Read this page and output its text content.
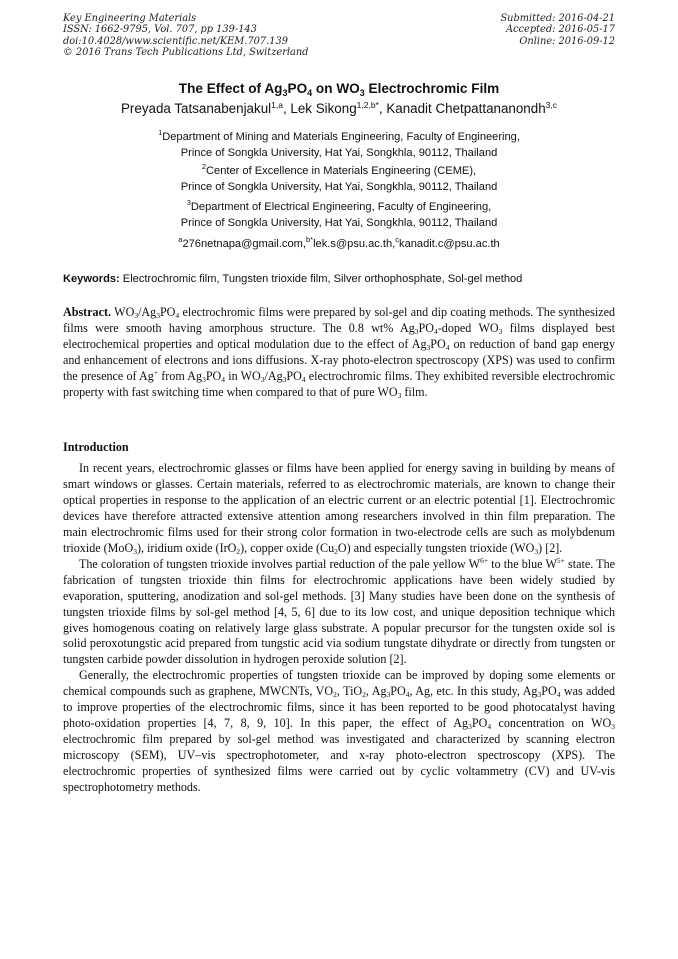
Key Engineering Materials
ISSN: 1662-9795, Vol. 707, pp 139-143
doi:10.4028/www.scientific.net/KEM.707.139
© 2016 Trans Tech Publications Ltd, Switzerland
Submitted: 2016-04-21
Accepted: 2016-05-17
Online: 2016-09-12
The Effect of $Ag_3PO_4$ on $WO_3$ Electrochromic Film
Preyada Tatsanabenjakul$^{1,a}$, Lek Sikong$^{1,2,b*}$, Kanadit Chetpattananondh$^{3,c}$
$^1$Department of Mining and Materials Engineering, Faculty of Engineering,
Prince of Songkla University, Hat Yai, Songkhla, 90112, Thailand
$^2$Center of Excellence in Materials Engineering (CEME),
Prince of Songkla University, Hat Yai, Songkhla, 90112, Thailand
$^3$Department of Electrical Engineering, Faculty of Engineering,
Prince of Songkla University, Hat Yai, Songkhla, 90112, Thailand
$^a$276netnapa@gmail.com,$^{b*}$lek.s@psu.ac.th,$^c$kanadit.c@psu.ac.th
Keywords: Electrochromic film, Tungsten trioxide film, Silver orthophosphate, Sol-gel method

Abstract. $WO_3/Ag_3PO_4$ electrochromic films were prepared by sol-gel and dip coating methods. The synthesized films were smooth having amorphous structure. The 0.8 wt% $Ag_3PO_4$-doped $WO_3$ films displayed best electrochemical properties and optical modulation due to the effect of $Ag_3PO_4$ on reduction of band gap energy and enhancement of electrons and ions diffusions. X-ray photo-electron spectroscopy (XPS) was used to confirm the presence of Ag+ from $Ag_3PO_4$ in $WO_3/Ag_3PO_4$ electrochromic films. They exhibited reversible electrochromic property with fast switching time when compared to that of pure $WO_3$ film.

Introduction

In recent years, electrochromic glasses or films have been applied for energy saving in building by means of smart windows or glasses. Certain materials, referred to as electrochromic materials, are known to change their optical properties in response to the application of an electric current or an electric potential [1]. Electrochromic devices have therefore attracted extensive attention among researchers involved in thin film preparation. The main electrochromic films used for their strong color formation in two-electrode cells are such as molybdenum trioxide (MoO$_3$), iridium oxide (IrO$_2$), copper oxide $(Cu_2O)$ and especially tungsten trioxide $(WO_3)$ [2].

The coloration of tungsten trioxide involves partial reduction of the pale yellow $W^{6+}$ to the blue $W^{5+}$ state. The fabrication of tungsten trioxide thin films for electrochromic applications have been widely studied by evaporation, sputtering, anodization and sol-gel methods. [3] Many studies have been done on the synthesis of tungsten trioxide films by sol-gel method [4, 5, 6] due to its low cost, and unique deposition technique which gives homogenous coating on relatively large glass substrate. A popular precursor for the tungsten oxide sol is solid peroxotungstic acid prepared from tungstic acid via sodium tungstate dihydrate or directly from tungsten or tungsten carbide powder dissolution in hydrogen peroxide solution [2].

Generally, the electrochromic properties of tungsten trioxide can be improved by doping some elements or chemical compounds such as graphene, MWCNTs, $VO_2$, TiO$_2$, $Ag_3PO_4$, Ag, etc. In this study, $Ag_3PO_4$ was added to improve properties of the electrochromic films, since it has been reported to be good photocatalyst having photo-oxidation properties [4, 7, 8, 9, 10]. In this paper, the effect of $Ag_3PO_4$ concentration on $WO_3$ electrochromic film prepared by sol-gel method was investigated and characterized by scanning electron microscopy (SEM), UV–vis spectrophotometer, and x-ray photo-electron spectroscopy (XPS). The electrochromic properties of synthesized films were carried out by cyclic voltammetry (CV) and UV-vis spectrophotometry methods.
